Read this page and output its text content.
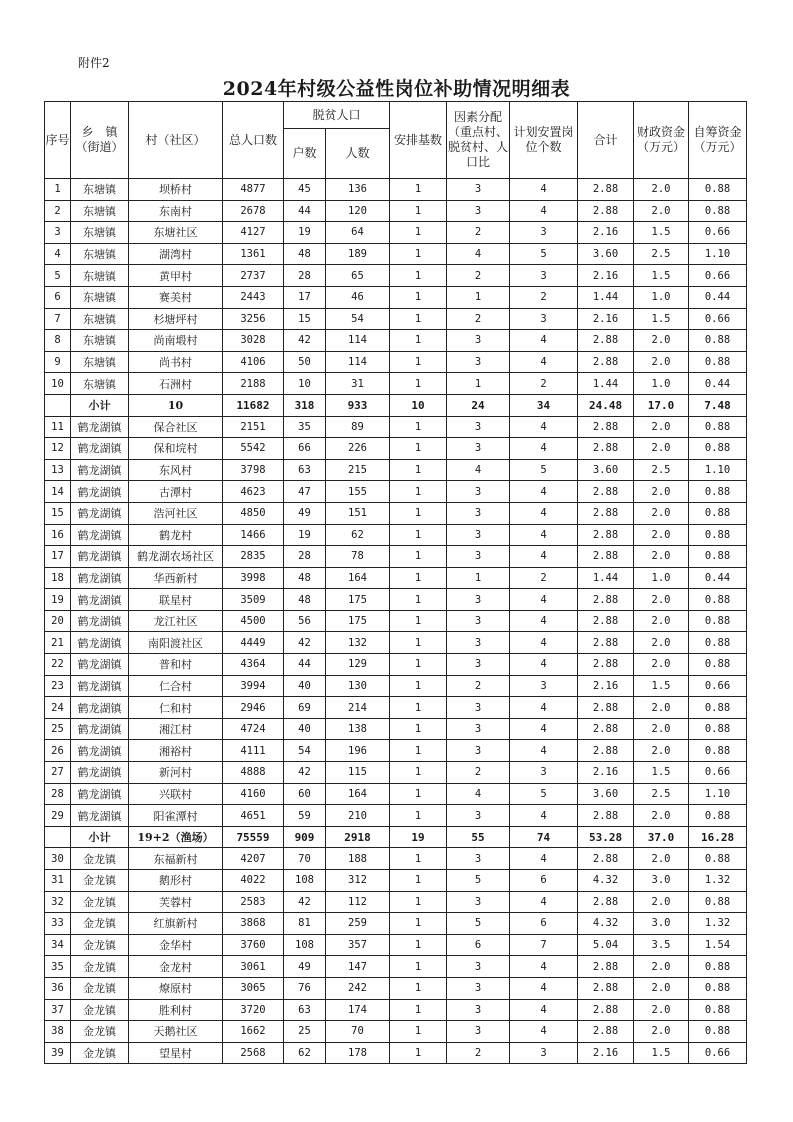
附件2
2024年村级公益性岗位补助情况明细表
序号	乡　镇（街道）	村（社区）	总人口数	脱贫人口		安排基数	因素分配（重点村、脱贫村、人口比	计划安置岗位个数	合计	财政资金（万元）	自筹资金（万元）
				户数	人数						
1	东塘镇	坝桥村	4877	45	136	1	3	4	2.88	2.0	0.88
2	东塘镇	东南村	2678	44	120	1	3	4	2.88	2.0	0.88
3	东塘镇	东塘社区	4127	19	64	1	2	3	2.16	1.5	0.66
4	东塘镇	湖湾村	1361	48	189	1	4	5	3.60	2.5	1.10
5	东塘镇	黄甲村	2737	28	65	1	2	3	2.16	1.5	0.66
6	东塘镇	赛美村	2443	17	46	1	1	2	1.44	1.0	0.44
7	东塘镇	杉塘坪村	3256	15	54	1	2	3	2.16	1.5	0.66
8	东塘镇	尚南塅村	3028	42	114	1	3	4	2.88	2.0	0.88
9	东塘镇	尚书村	4106	50	114	1	3	4	2.88	2.0	0.88
10	东塘镇	石洲村	2188	10	31	1	1	2	1.44	1.0	0.44
	小计	10	11682	318	933	10	24	34	24.48	17.0	7.48
11	鹤龙湖镇	保合社区	2151	35	89	1	3	4	2.88	2.0	0.88
12	鹤龙湖镇	保和垸村	5542	66	226	1	3	4	2.88	2.0	0.88
13	鹤龙湖镇	东风村	3798	63	215	1	4	5	3.60	2.5	1.10
14	鹤龙湖镇	古潭村	4623	47	155	1	3	4	2.88	2.0	0.88
15	鹤龙湖镇	浩河社区	4850	49	151	1	3	4	2.88	2.0	0.88
16	鹤龙湖镇	鹤龙村	1466	19	62	1	3	4	2.88	2.0	0.88
17	鹤龙湖镇	鹤龙湖农场社区	2835	28	78	1	3	4	2.88	2.0	0.88
18	鹤龙湖镇	华西新村	3998	48	164	1	1	2	1.44	1.0	0.44
19	鹤龙湖镇	联星村	3509	48	175	1	3	4	2.88	2.0	0.88
20	鹤龙湖镇	龙江社区	4500	56	175	1	3	4	2.88	2.0	0.88
21	鹤龙湖镇	南阳渡社区	4449	42	132	1	3	4	2.88	2.0	0.88
22	鹤龙湖镇	普和村	4364	44	129	1	3	4	2.88	2.0	0.88
23	鹤龙湖镇	仁合村	3994	40	130	1	2	3	2.16	1.5	0.66
24	鹤龙湖镇	仁和村	2946	69	214	1	3	4	2.88	2.0	0.88
25	鹤龙湖镇	湘江村	4724	40	138	1	3	4	2.88	2.0	0.88
26	鹤龙湖镇	湘裕村	4111	54	196	1	3	4	2.88	2.0	0.88
27	鹤龙湖镇	新河村	4888	42	115	1	2	3	2.16	1.5	0.66
28	鹤龙湖镇	兴联村	4160	60	164	1	4	5	3.60	2.5	1.10
29	鹤龙湖镇	阳雀潭村	4651	59	210	1	3	4	2.88	2.0	0.88
	小计	19+2（渔场）	75559	909	2918	19	55	74	53.28	37.0	16.28
30	金龙镇	东福新村	4207	70	188	1	3	4	2.88	2.0	0.88
31	金龙镇	鹅形村	4022	108	312	1	5	6	4.32	3.0	1.32
32	金龙镇	芙蓉村	2583	42	112	1	3	4	2.88	2.0	0.88
33	金龙镇	红旗新村	3868	81	259	1	5	6	4.32	3.0	1.32
34	金龙镇	金华村	3760	108	357	1	6	7	5.04	3.5	1.54
35	金龙镇	金龙村	3061	49	147	1	3	4	2.88	2.0	0.88
36	金龙镇	燎原村	3065	76	242	1	3	4	2.88	2.0	0.88
37	金龙镇	胜利村	3720	63	174	1	3	4	2.88	2.0	0.88
38	金龙镇	天鹅社区	1662	25	70	1	3	4	2.88	2.0	0.88
39	金龙镇	望星村	2568	62	178	1	2	3	2.16	1.5	0.66
